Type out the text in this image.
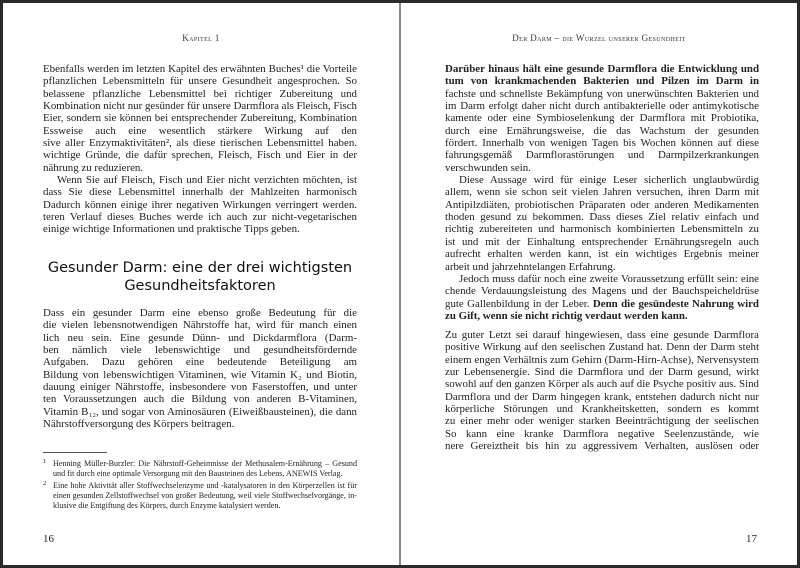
Kapitel 1
Ebenfalls werden im letzten Kapitel des erwähnten Buches¹ die Vorteile
pflanzlichen Lebensmitteln für unsere Gesundheit angesprochen. So
belassene pflanzliche Lebensmittel bei richtiger Zubereitung und
Kombination nicht nur gesünder für unsere Darmflora als Fleisch, Fisch
Eier, sondern sie können bei entsprechender Zubereitung, Kombination
Essweise auch eine wesentlich stärkere Wirkung auf den
sive aller Enzymaktivitäten², als diese tierischen Lebensmittel haben.
wichtige Gründe, die dafür sprechen, Fleisch, Fisch und Eier in der
nährung zu reduzieren.
Wenn Sie auf Fleisch, Fisch und Eier nicht verzichten möchten, ist
dass Sie diese Lebensmittel innerhalb der Mahlzeiten harmonisch
Dadurch können einige ihrer negativen Wirkungen verringert werden.
teren Verlauf dieses Buches werde ich auch zur nicht-vegetarischen
einige wichtige Informationen und praktische Tipps geben.
Gesunder Darm: eine der drei wichtigsten
Gesundheitsfaktoren
Dass ein gesunder Darm eine ebenso große Bedeutung für die
die vielen lebensnotwendigen Nährstoffe hat, wird für manch einen
lich neu sein. Eine gesunde Dünn- und Dickdarmflora (Darm-
ben nämlich viele lebenswichtige und gesundheitsfördernde
Aufgaben. Dazu gehören eine bedeutende Beteiligung am
Bildung von lebenswichtigen Vitaminen, wie Vitamin K₂ und Biotin,
dauung einiger Nährstoffe, insbesondere von Faserstoffen, und unter
ten Voraussetzungen auch die Bildung von anderen B-Vitaminen,
Vitamin B₁₂, und sogar von Aminosäuren (Eiweißbausteinen), die dann
Nährstoffversorgung des Körpers beitragen.
1 Henning Müller-Burzler: Die Nährstoff-Geheimnisse der Methusalem-Ernährung – Gesund
und fit durch eine optimale Versorgung mit den Bausteinen des Lebens, ANEWIS Verlag.
2 Eine hohe Aktivität aller Stoffwechselenzyme und -katalysatoren in den Körperzellen ist für
einen gesunden Zellstoffwechsel von großer Bedeutung, weil viele Stoffwechselvorgänge, in-
klusive die Entgiftung des Körpers, durch Enzyme katalysiert werden.
16
Der Darm – die Wurzel unserer Gesundheit
Darüber hinaus hält eine gesunde Darmflora die Entwicklung und
tum von krankmachenden Bakterien und Pilzen im Darm in
fachste und schnellste Bekämpfung von unerwünschten Bakterien und
im Darm erfolgt daher nicht durch antibakterielle oder antimykotische
kamente oder eine Symbioselenkung der Darmflora mit Probiotika,
durch eine Ernährungsweise, die das Wachstum der gesunden
fördert. Innerhalb von wenigen Tagen bis Wochen können auf diese
fahrungsgemäß Darmflorastörungen und Darmpilzerkrankungen
verschwunden sein.
Diese Aussage wird für einige Leser sicherlich unglaubwürdig
allem, wenn sie schon seit vielen Jahren versuchen, ihren Darm mit
Antipilzdiäten, probiotischen Präparaten oder anderen Medikamenten
thoden gesund zu bekommen. Dass dieses Ziel relativ einfach und
richtig zubereiteten und harmonisch kombinierten Lebensmitteln zu
ist und mit der Einhaltung entsprechender Ernährungsregeln auch
aufrecht erhalten werden kann, ist ein wichtiges Ergebnis meiner
arbeit und jahrzehntelangen Erfahrung.
Jedoch muss dafür noch eine zweite Voraussetzung erfüllt sein: eine
chende Verdauungsleistung des Magens und der Bauchspeicheldrüse
gute Gallenbildung in der Leber. Denn die gesündeste Nahrung wird
zu Gift, wenn sie nicht richtig verdaut werden kann.
Zu guter Letzt sei darauf hingewiesen, dass eine gesunde Darmflora
positive Wirkung auf den seelischen Zustand hat. Denn der Darm steht
einem engen Verhältnis zum Gehirn (Darm-Hirn-Achse), Nervensystem
zur Lebensenergie. Sind die Darmflora und der Darm gesund, wirkt
sowohl auf den ganzen Körper als auch auf die Psyche positiv aus. Sind
Darmflora und der Darm hingegen krank, entstehen dadurch nicht nur
körperliche Störungen und Krankheitsketten, sondern es kommt
zu einer mehr oder weniger starken Beeinträchtigung der seelischen
So kann eine kranke Darmflora negative Seelenzustände, wie
nere Gereiztheit bis hin zu aggressivem Verhalten, auslösen oder
17
